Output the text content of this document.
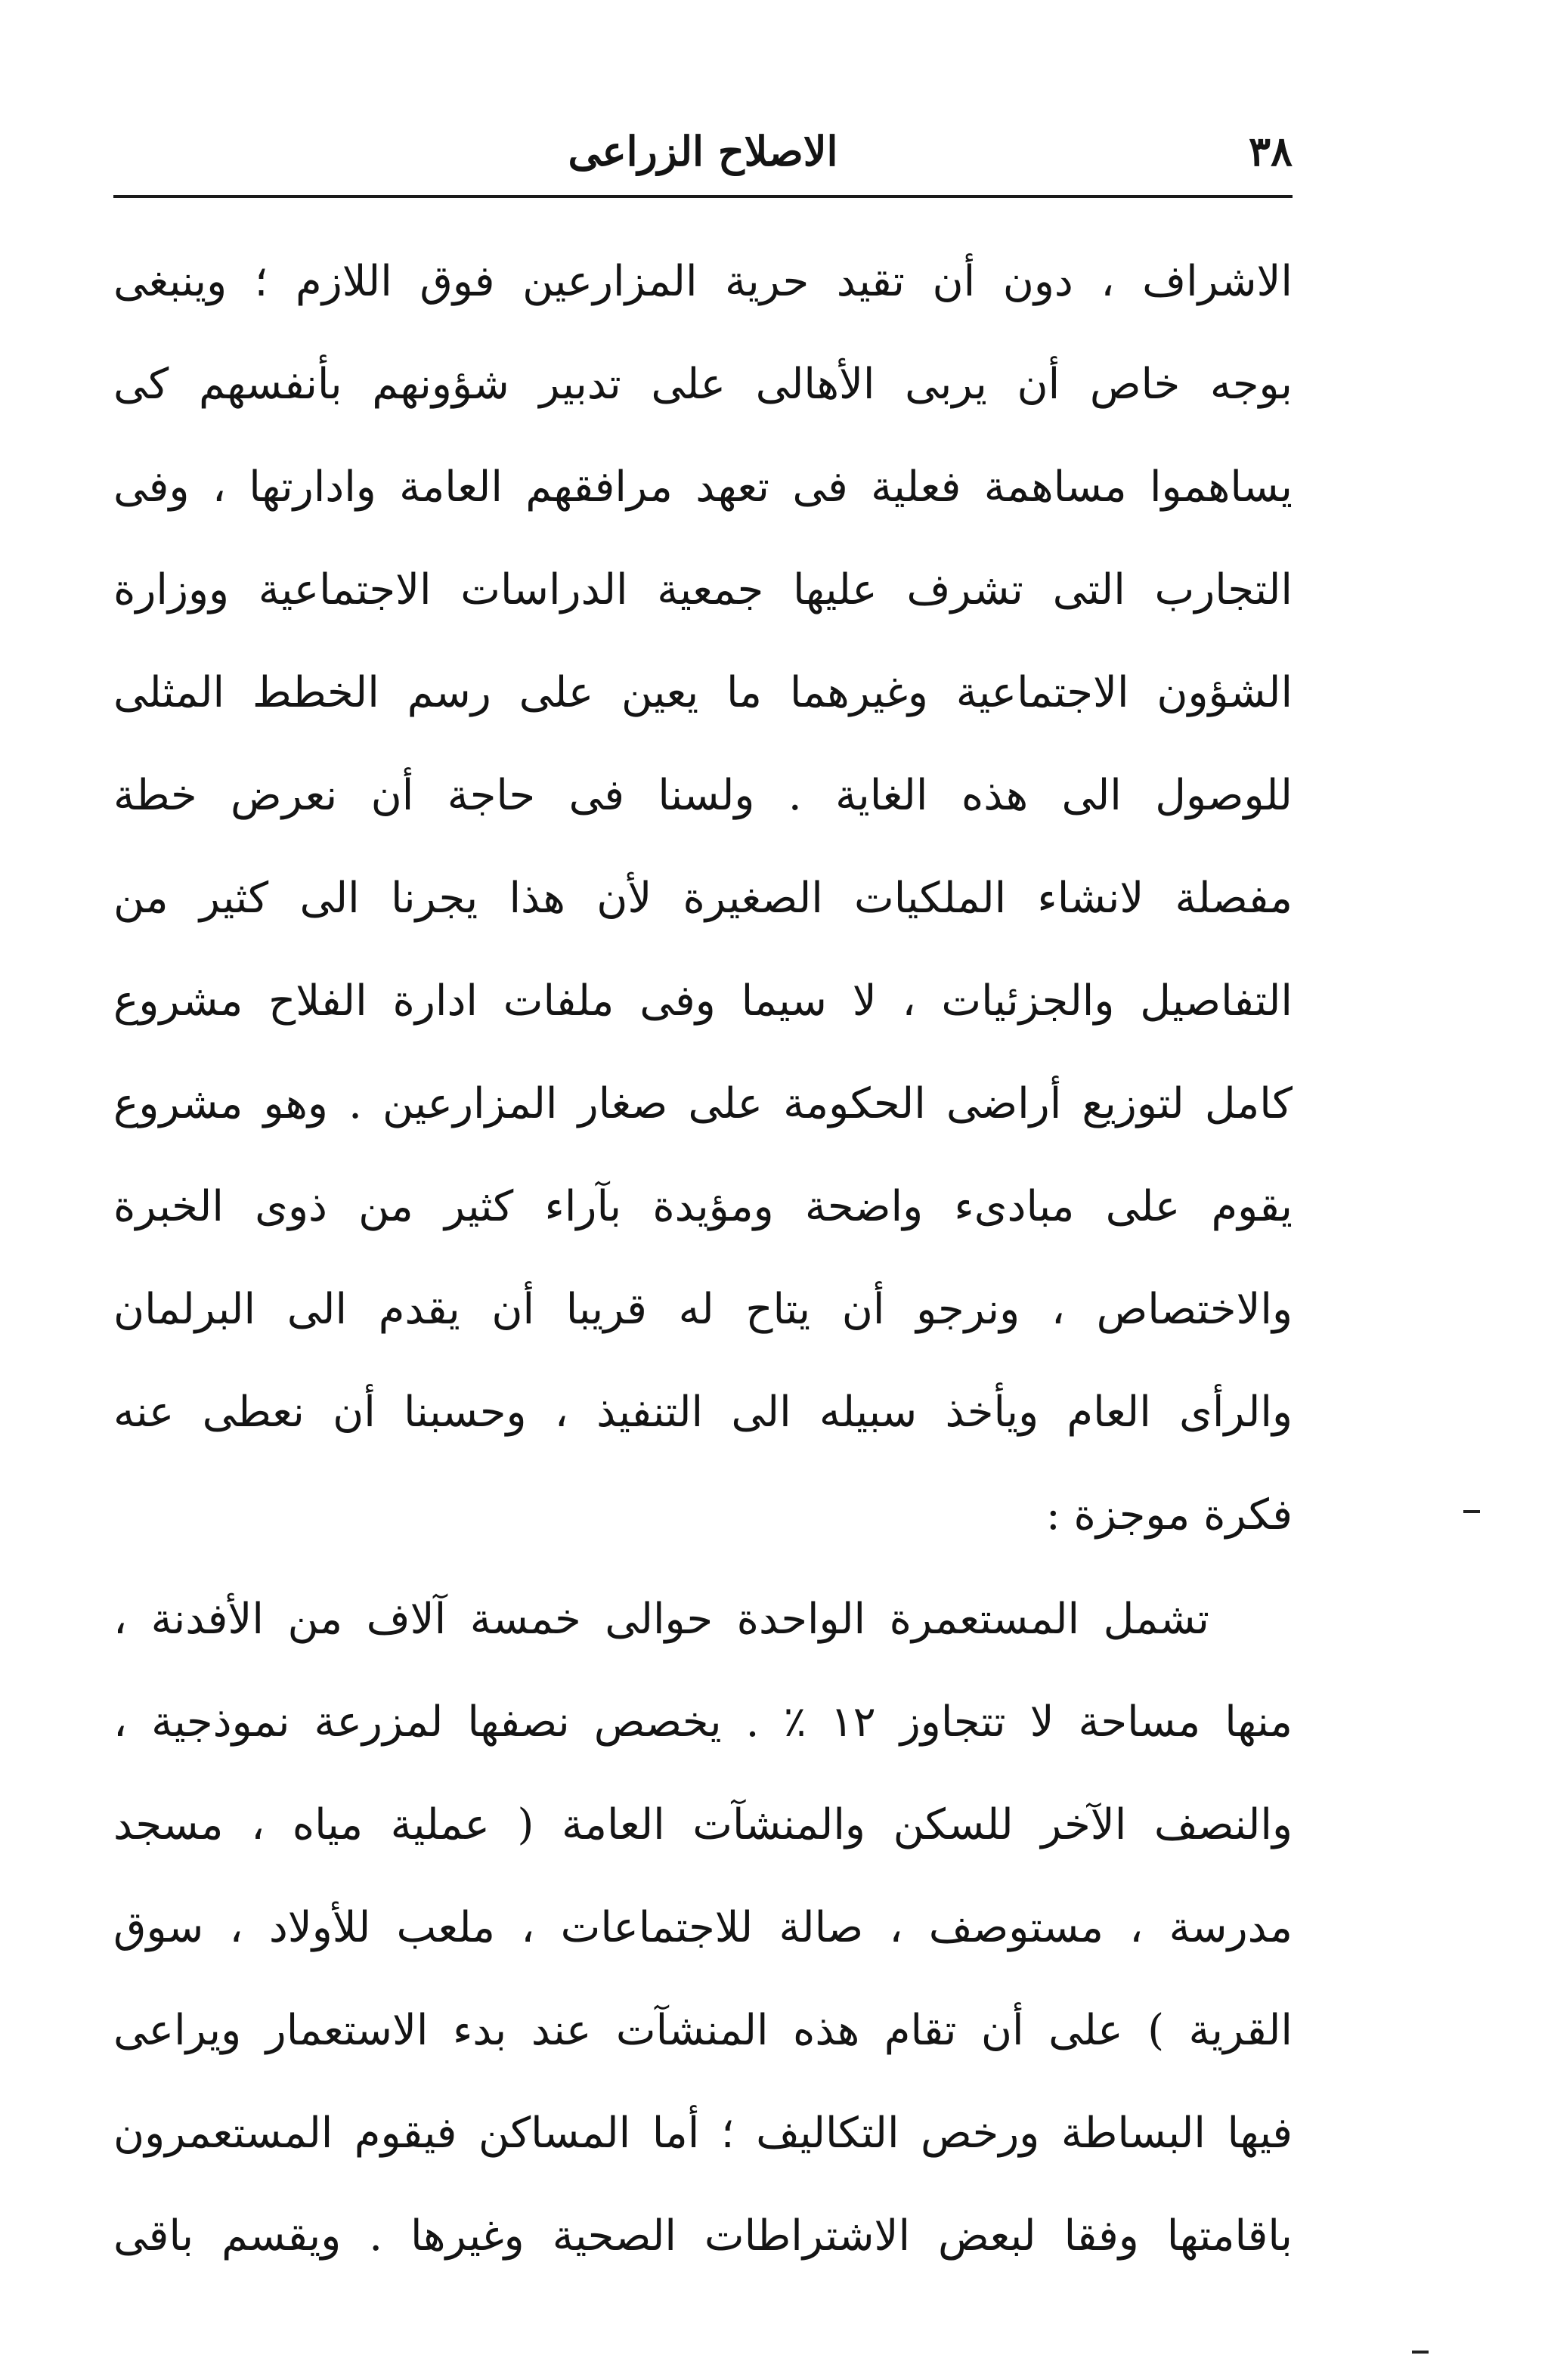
٣٨
الاصلاح الزراعى
الاشراف ، دون أن تقيد حرية المزارعين فوق اللازم ؛ وينبغى
بوجه خاص أن يربى الأهالى على تدبير شؤونهم بأنفسهم كى
يساهموا مساهمة فعلية فى تعهد مرافقهم العامة وادارتها ، وفى
التجارب التى تشرف عليها جمعية الدراسات الاجتماعية ووزارة
الشؤون الاجتماعية وغيرهما ما يعين على رسم الخطط المثلى
للوصول الى هذه الغاية . ولسنا فى حاجة أن نعرض خطة
مفصلة لانشاء الملكيات الصغيرة لأن هذا يجرنا الى كثير من
التفاصيل والجزئيات ، لا سيما وفى ملفات ادارة الفلاح مشروع
كامل لتوزيع أراضى الحكومة على صغار المزارعين . وهو مشروع
يقوم على مبادىء واضحة ومؤيدة بآراء كثير من ذوى الخبرة
والاختصاص ، ونرجو أن يتاح له قريبا أن يقدم الى البرلمان
والرأى العام ويأخذ سبيله الى التنفيذ ، وحسبنا أن نعطى عنه
فكرة موجزة :
تشمل المستعمرة الواحدة حوالى خمسة آلاف من الأفدنة ،
منها مساحة لا تتجاوز ١٢ ٪ . يخصص نصفها لمزرعة نموذجية ،
والنصف الآخر للسكن والمنشآت العامة ( عملية مياه ، مسجد
مدرسة ، مستوصف ، صالة للاجتماعات ، ملعب للأولاد ، سوق
القرية ) على أن تقام هذه المنشآت عند بدء الاستعمار ويراعى
فيها البساطة ورخص التكاليف ؛ أما المساكن فيقوم المستعمرون
باقامتها وفقا لبعض الاشتراطات الصحية وغيرها . ويقسم باقى
